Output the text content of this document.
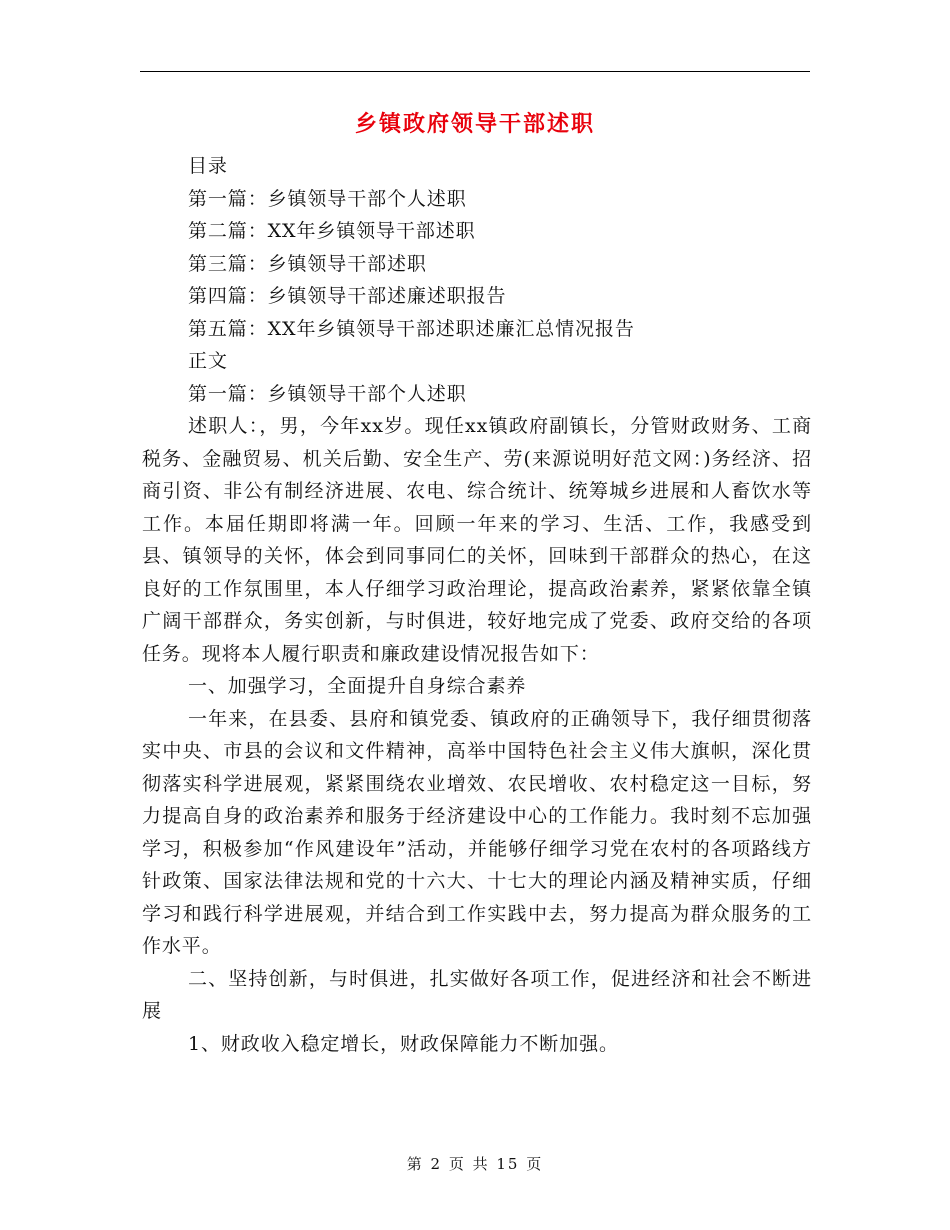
乡镇政府领导干部述职

目录

第一篇：乡镇领导干部个人述职

第二篇：XX年乡镇领导干部述职

第三篇：乡镇领导干部述职

第四篇：乡镇领导干部述廉述职报告

第五篇：XX年乡镇领导干部述职述廉汇总情况报告

正文

第一篇：乡镇领导干部个人述职

述职人：，男，今年xx岁。现任xx镇政府副镇长，分管财政财务、工商税务、金融贸易、机关后勤、安全生产、劳(来源说明好范文网：)务经济、招商引资、非公有制经济进展、农电、综合统计、统筹城乡进展和人畜饮水等工作。本届任期即将满一年。回顾一年来的学习、生活、工作，我感受到县、镇领导的关怀，体会到同事同仁的关怀，回味到干部群众的热心，在这良好的工作氛围里，本人仔细学习政治理论，提高政治素养，紧紧依靠全镇广阔干部群众，务实创新，与时俱进，较好地完成了党委、政府交给的各项任务。现将本人履行职责和廉政建设情况报告如下：

一、加强学习，全面提升自身综合素养

一年来，在县委、县府和镇党委、镇政府的正确领导下，我仔细贯彻落实中央、市县的会议和文件精神，高举中国特色社会主义伟大旗帜，深化贯彻落实科学进展观，紧紧围绕农业增效、农民增收、农村稳定这一目标，努力提高自身的政治素养和服务于经济建设中心的工作能力。我时刻不忘加强学习，积极参加“作风建设年”活动，并能够仔细学习党在农村的各项路线方针政策、国家法律法规和党的十六大、十七大的理论内涵及精神实质，仔细学习和践行科学进展观，并结合到工作实践中去，努力提高为群众服务的工作水平。

二、坚持创新，与时俱进，扎实做好各项工作，促进经济和社会不断进展

1、财政收入稳定增长，财政保障能力不断加强。

第 2 页 共 15 页
